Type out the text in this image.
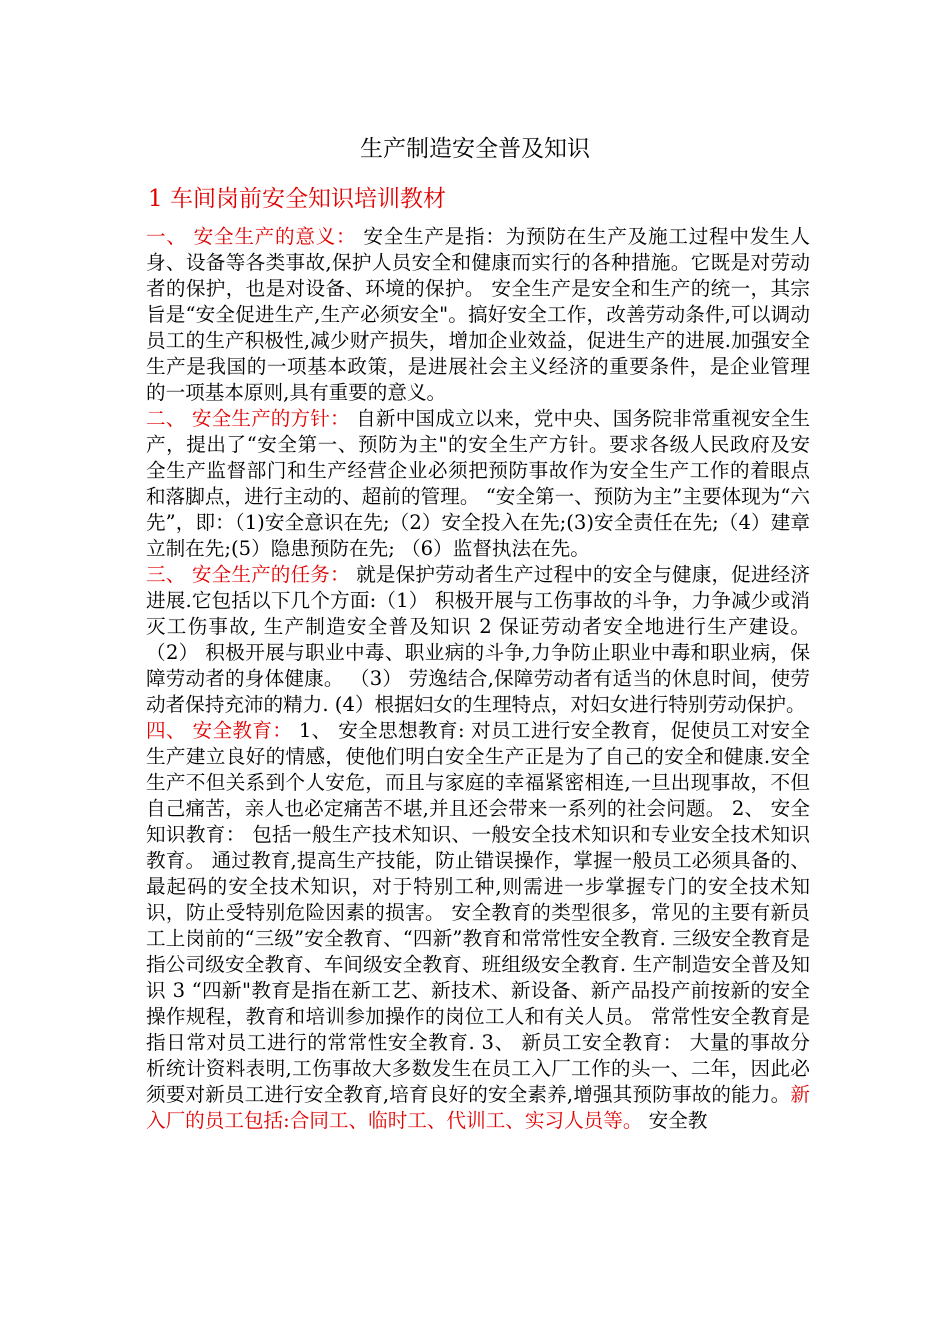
生产制造安全普及知识
1 车间岗前安全知识培训教材

一、 安全生产的意义： 安全生产是指：为预防在生产及施工过程中发生人身、设备等各类事故,保护人员安全和健康而实行的各种措施。它既是对劳动者的保护，也是对设备、环境的保护。 安全生产是安全和生产的统一，其宗旨是“安全促进生产,生产必须安全"。搞好安全工作，改善劳动条件,可以调动员工的生产积极性,减少财产损失，增加企业效益，促进生产的进展.加强安全生产是我国的一项基本政策，是进展社会主义经济的重要条件，是企业管理的一项基本原则,具有重要的意义。

二、 安全生产的方针： 自新中国成立以来，党中央、国务院非常重视安全生产，提出了“安全第一、预防为主"的安全生产方针。要求各级人民政府及安全生产监督部门和生产经营企业必须把预防事故作为安全生产工作的着眼点和落脚点，进行主动的、超前的管理。 “安全第一、预防为主”主要体现为“六先”，即：（1)安全意识在先;（2）安全投入在先;(3)安全责任在先;（4）建章立制在先;(5）隐患预防在先; （6）监督执法在先。

三、 安全生产的任务： 就是保护劳动者生产过程中的安全与健康，促进经济进展.它包括以下几个方面:（1） 积极开展与工伤事故的斗争，力争减少或消灭工伤事故, 生产制造安全普及知识 2 保证劳动者安全地进行生产建设。 （2） 积极开展与职业中毒、职业病的斗争,力争防止职业中毒和职业病，保障劳动者的身体健康。 （3） 劳逸结合,保障劳动者有适当的休息时间，使劳动者保持充沛的精力. (4）根据妇女的生理特点，对妇女进行特别劳动保护。

四、 安全教育： 1、 安全思想教育: 对员工进行安全教育，促使员工对安全生产建立良好的情感，使他们明白安全生产正是为了自己的安全和健康.安全生产不但关系到个人安危，而且与家庭的幸福紧密相连,一旦出现事故，不但自己痛苦，亲人也必定痛苦不堪,并且还会带来一系列的社会问题。 2、 安全知识教育： 包括一般生产技术知识、一般安全技术知识和专业安全技术知识教育。 通过教育,提高生产技能，防止错误操作，掌握一般员工必须具备的、最起码的安全技术知识，对于特别工种,则需进一步掌握专门的安全技术知识，防止受特别危险因素的损害。 安全教育的类型很多，常见的主要有新员工上岗前的“三级”安全教育、“四新”教育和常常性安全教育. 三级安全教育是指公司级安全教育、车间级安全教育、班组级安全教育. 生产制造安全普及知识 3 “四新"教育是指在新工艺、新技术、新设备、新产品投产前按新的安全操作规程，教育和培训参加操作的岗位工人和有关人员。 常常性安全教育是指日常对员工进行的常常性安全教育. 3、 新员工安全教育： 大量的事故分析统计资料表明,工伤事故大多数发生在员工入厂工作的头一、二年，因此必须要对新员工进行安全教育,培育良好的安全素养,增强其预防事故的能力。新入厂的员工包括:合同工、临时工、代训工、实习人员等。 安全教
